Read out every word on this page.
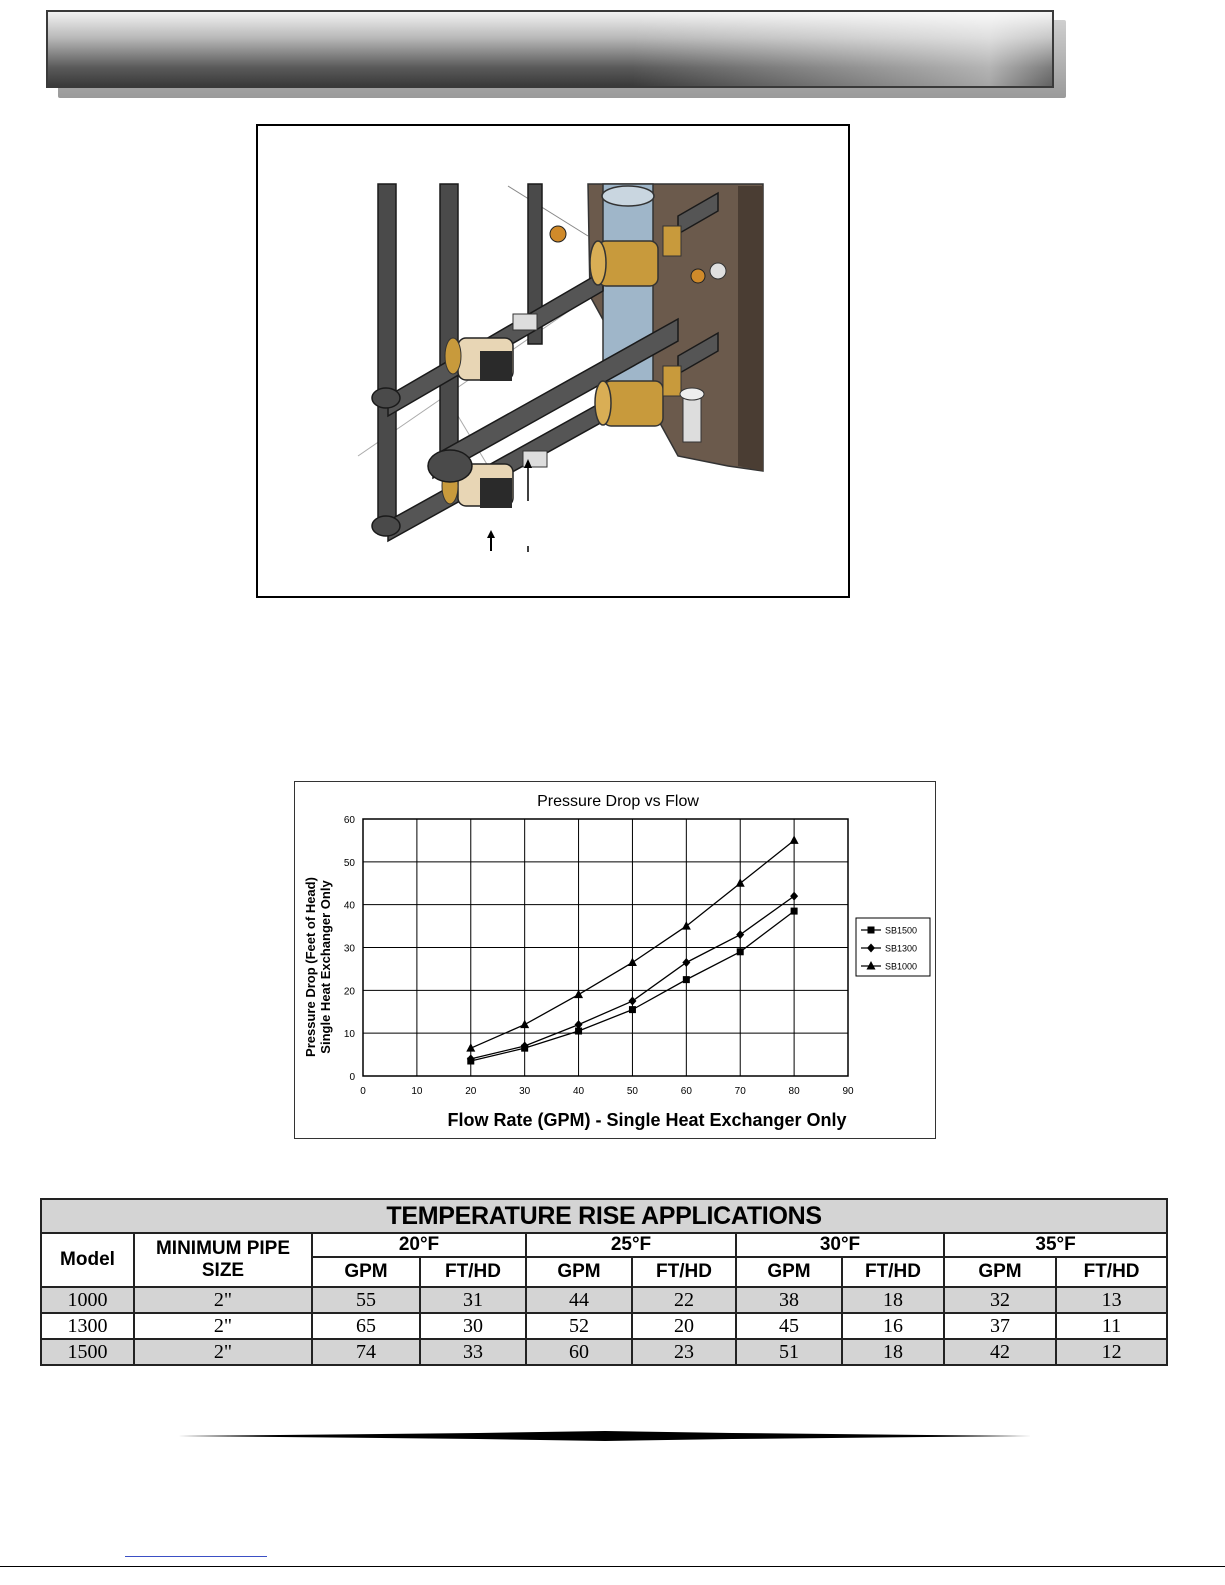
Pressure Drop vs Flow
0	10	20	30	40	50	60	70	80	90
0
10
20
30
40
50
60
Flow Rate (GPM) - Single Heat Exchanger Only
Pressure Drop (Feet of Head) Single Heat Exchanger Only	SB1500
SB1300
SB1000
TEMPERATURE RISE APPLICATIONS									
Model	MINIMUM PIPE
SIZE	20°F		25°F		30°F		35°F	
		GPM	FT/HD	GPM	FT/HD	GPM	FT/HD	GPM	FT/HD
1000	2"	55	31	44	22	38	18	32	13
1300	2"	65	30	52	20	45	16	37	11
1500	2"	74	33	60	23	51	18	42	12
